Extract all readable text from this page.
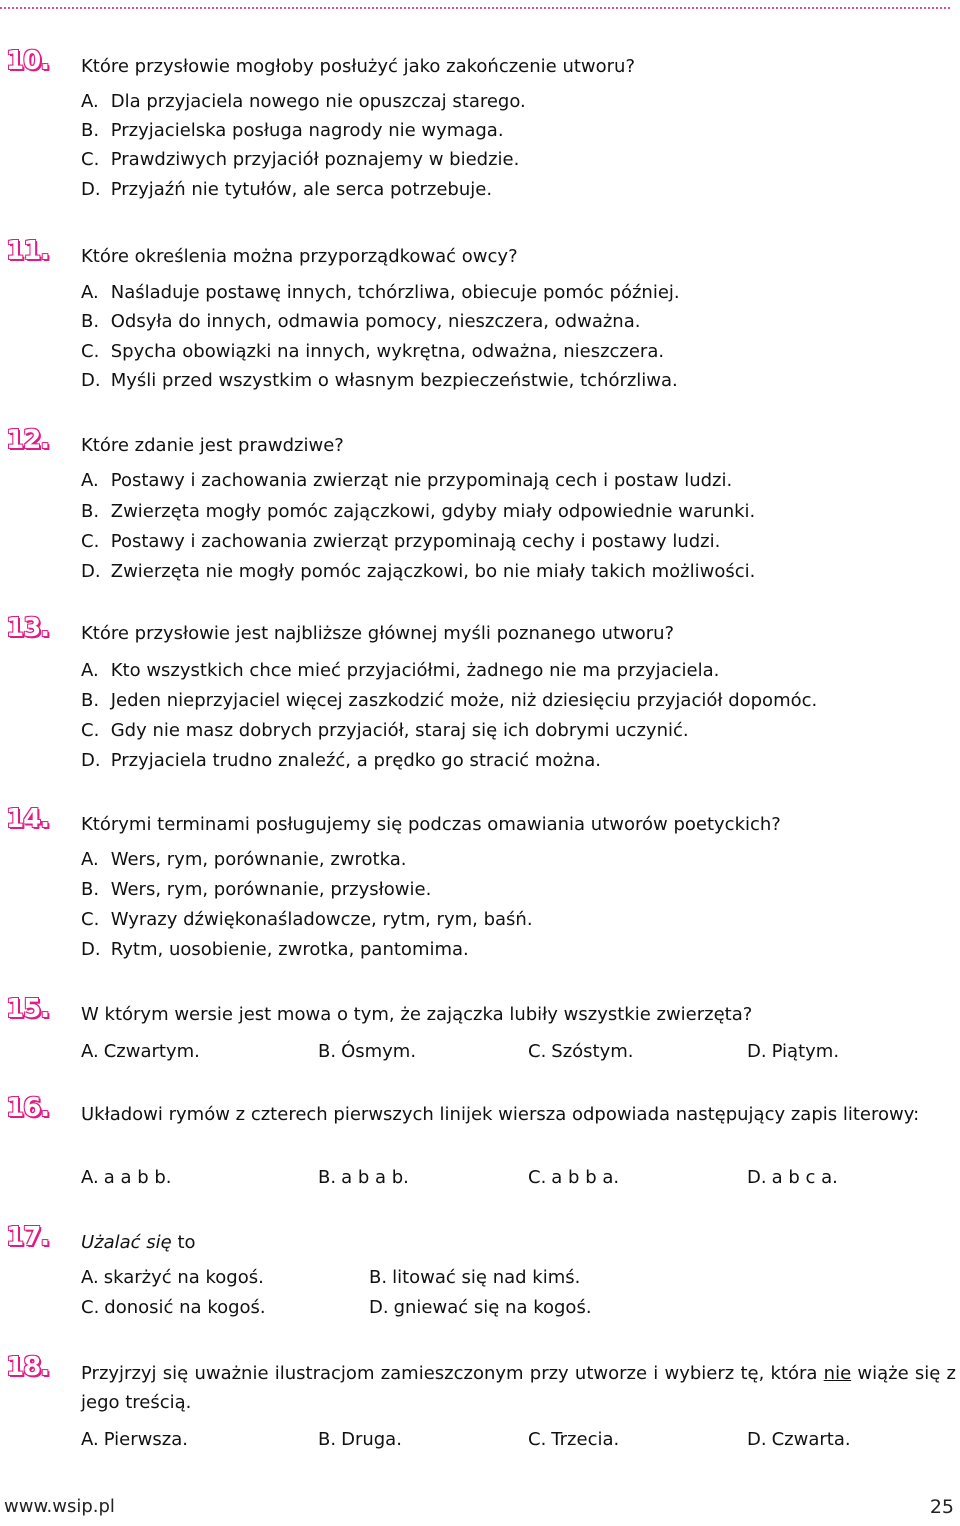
10. Które przysłowie mogłoby posłużyć jako zakończenie utworu?
A. Dla przyjaciela nowego nie opuszczaj starego.
B. Przyjacielska posługa nagrody nie wymaga.
C. Prawdziwych przyjaciół poznajemy w biedzie.
D. Przyjaźń nie tytułów, ale serca potrzebuje.
11. Które określenia można przyporządkować owcy?
A. Naśladuje postawę innych, tchórzliwa, obiecuje pomóc później.
B. Odsyła do innych, odmawia pomocy, nieszczera, odważna.
C. Spycha obowiązki na innych, wykrętna, odważna, nieszczera.
D. Myśli przed wszystkim o własnym bezpieczeństwie, tchórzliwa.
12. Które zdanie jest prawdziwe?
A. Postawy i zachowania zwierząt nie przypominają cech i postaw ludzi.
B. Zwierzęta mogły pomóc zajączkowi, gdyby miały odpowiednie warunki.
C. Postawy i zachowania zwierząt przypominają cechy i postawy ludzi.
D. Zwierzęta nie mogły pomóc zajączkowi, bo nie miały takich możliwości.
13. Które przysłowie jest najbliższe głównej myśli poznanego utworu?
A. Kto wszystkich chce mieć przyjaciółmi, żadnego nie ma przyjaciela.
B. Jeden nieprzyjaciel więcej zaszkodzić może, niż dziesięciu przyjaciół dopomóc.
C. Gdy nie masz dobrych przyjaciół, staraj się ich dobrymi uczynić.
D. Przyjaciela trudno znaleźć, a prędko go stracić można.
14. Którymi terminami posługujemy się podczas omawiania utworów poetyckich?
A. Wers, rym, porównanie, zwrotka.
B. Wers, rym, porównanie, przysłowie.
C. Wyrazy dźwiękonaśladowcze, rytm, rym, baśń.
D. Rytm, uosobienie, zwrotka, pantomima.
15. W którym wersie jest mowa o tym, że zajączka lubiły wszystkie zwierzęta?
A. Czwartym.	B. Ósmym.	C. Szóstym.	D. Piątym.
16. Układowi rymów z czterech pierwszych linijek wiersza odpowiada następujący zapis literowy:
A. a a b b.	B. a b a b.	C. a b b a.	D. a b c a.
17. Użalać się to
A. skarżyć na kogoś.	B. litować się nad kimś.
C. donosić na kogoś.	D. gniewać się na kogoś.
18. Przyjrzyj się uważnie ilustracjom zamieszczonym przy utworze i wybierz tę, która nie wiąże się z jego treścią.
A. Pierwsza.	B. Druga.	C. Trzecia.	D. Czwarta.
www.wsip.pl	25
